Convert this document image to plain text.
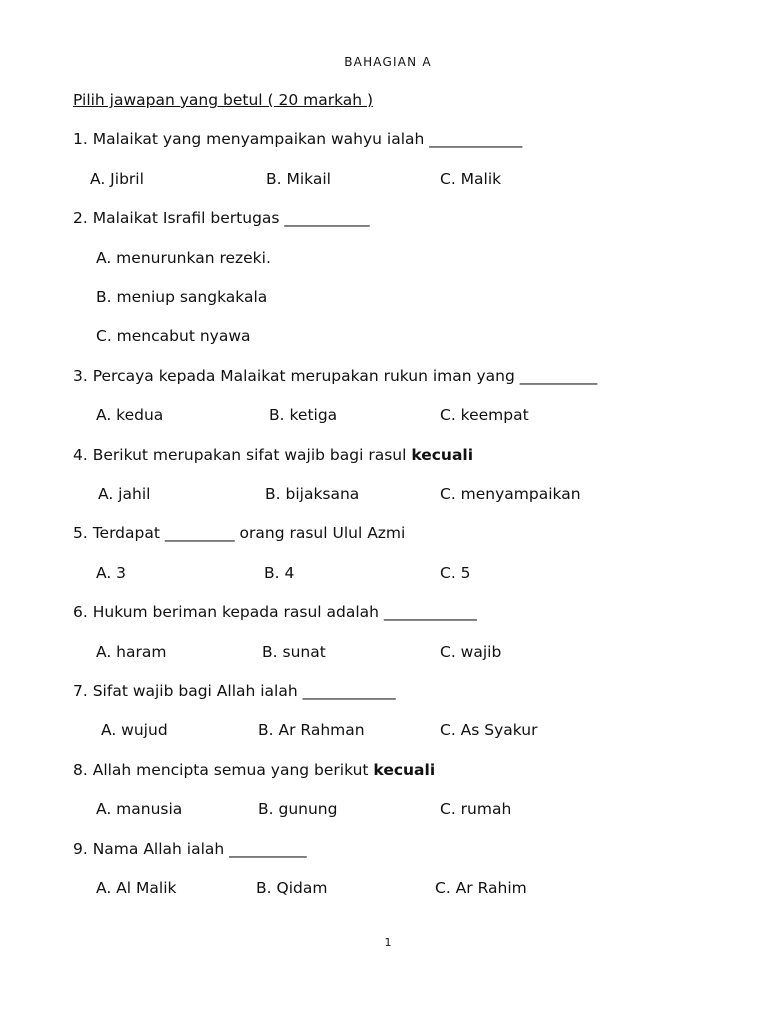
BAHAGIAN A
Pilih jawapan yang betul ( 20 markah )
1. Malaikat yang menyampaikan wahyu ialah ____________
A. Jibril	B. Mikail	C. Malik
2. Malaikat Israfil bertugas ___________
A. menurunkan rezeki.
B. meniup sangkakala
C. mencabut nyawa
3. Percaya kepada Malaikat merupakan rukun iman yang __________
A. kedua	B. ketiga	C. keempat
4. Berikut merupakan sifat wajib bagi rasul kecuali
A. jahil	B. bijaksana	C. menyampaikan
5. Terdapat _________ orang rasul Ulul Azmi
A. 3	B. 4	C. 5
6. Hukum beriman kepada rasul adalah ____________
A. haram	B. sunat	C. wajib
7. Sifat wajib bagi Allah ialah ____________
A. wujud	B. Ar Rahman	C. As Syakur
8. Allah mencipta semua yang berikut kecuali
A. manusia	B. gunung	C. rumah
9. Nama Allah ialah __________
A. Al Malik	B. Qidam	C. Ar Rahim
1
